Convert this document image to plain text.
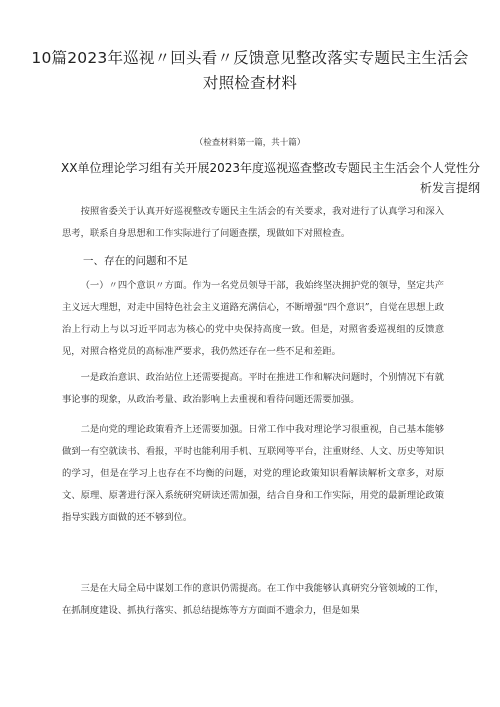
10篇2023年巡视〃回头看〃反馈意见整改落实专题民主生活会对照检查材料
（检查材料第一篇，共十篇）
XX单位理论学习组有关开展2023年度巡视巡查整改专题民主生活会个人党性分析发言提纲
按照省委关于认真开好巡视整改专题民主生活会的有关要求，我对进行了认真学习和深入思考，联系自身思想和工作实际进行了问题查摆，现做如下对照检查。
一、存在的问题和不足
（一）〃四个意识〃方面。作为一名党员领导干部，我始终坚决拥护党的领导，坚定共产主义远大理想，对走中国特色社会主义道路充满信心，不断增强“四个意识”，自觉在思想上政治上行动上与以习近平同志为核心的党中央保持高度一致。但是，对照省委巡视组的反馈意见，对照合格党员的高标准严要求，我仍然还存在一些不足和差距。
一是政治意识、政治站位上还需要提高。平时在推进工作和解决问题时，个别情况下有就事论事的现象，从政治考量、政治影响上去重视和看待问题还需要加强。
二是向党的理论政策看齐上还需要加强。日常工作中我对理论学习很重视，自己基本能够做到一有空就读书、看报，平时也能利用手机、互联网等平台，注重财经、人文、历史等知识的学习，但是在学习上也存在不均衡的问题，对党的理论政策知识看解读解析文章多，对原文、原理、原著进行深入系统研究研读还需加强，结合自身和工作实际，用党的最新理论政策指导实践方面做的还不够到位。
三是在大局全局中谋划工作的意识仍需提高。在工作中我能够认真研究分管领域的工作，在抓制度建设、抓执行落实、抓总结提炼等方方面面不遗余力，但是如果
